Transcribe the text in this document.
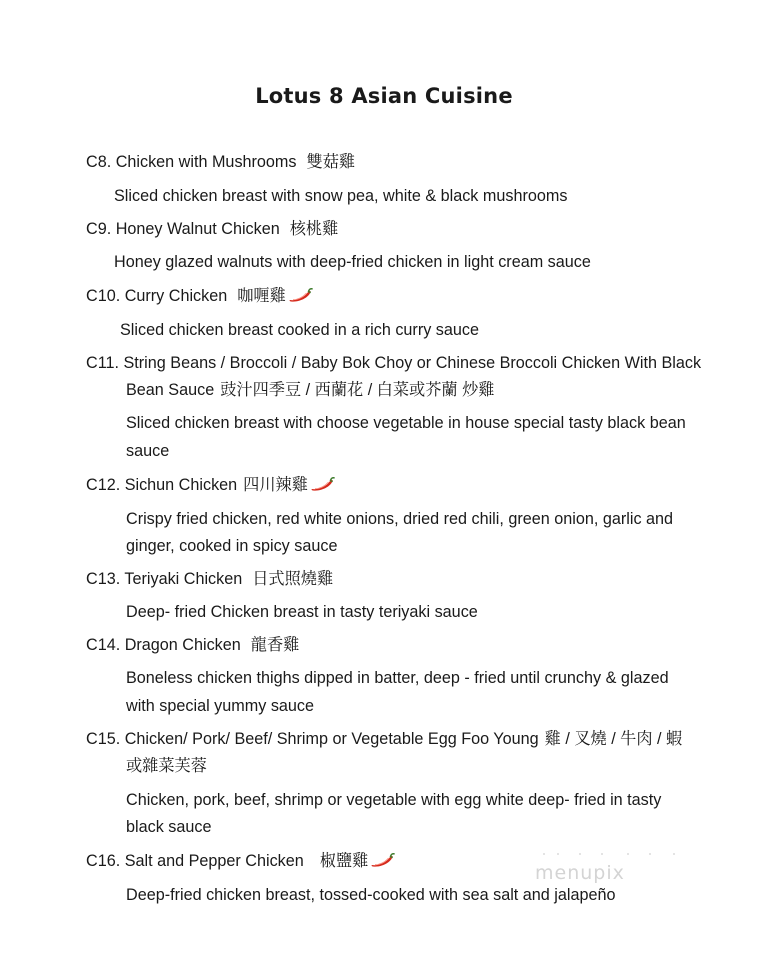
Lotus 8 Asian Cuisine
C8. Chicken with Mushrooms 雙菇雞
Sliced chicken breast with snow pea, white & black mushrooms
C9. Honey Walnut Chicken 核桃雞
Honey glazed walnuts with deep-fried chicken in light cream sauce
C10. Curry Chicken 咖喱雞
Sliced chicken breast cooked in a rich curry sauce
C11. String Beans / Broccoli / Baby Bok Choy or Chinese Broccoli Chicken With Black
Bean Sauce 豉汁四季豆 / 西蘭花 / 白菜或芥蘭 炒雞
Sliced chicken breast with choose vegetable in house special tasty black bean
sauce
C12. Sichun Chicken 四川辣雞
Crispy fried chicken, red white onions, dried red chili, green onion, garlic and
ginger, cooked in spicy sauce
C13. Teriyaki Chicken 日式照燒雞
Deep- fried Chicken breast in tasty teriyaki sauce
C14. Dragon Chicken 龍香雞
Boneless chicken thighs dipped in batter, deep - fried until crunchy & glazed
with special yummy sauce
C15. Chicken/ Pork/ Beef/ Shrimp or Vegetable Egg Foo Young 雞 / 叉燒 / 牛肉 / 蝦
或雜菜芙蓉
Chicken, pork, beef, shrimp or vegetable with egg white deep- fried in tasty
black sauce
C16. Salt and Pepper Chicken 椒鹽雞
Deep-fried chicken breast, tossed-cooked with sea salt and jalapeño
menupix
